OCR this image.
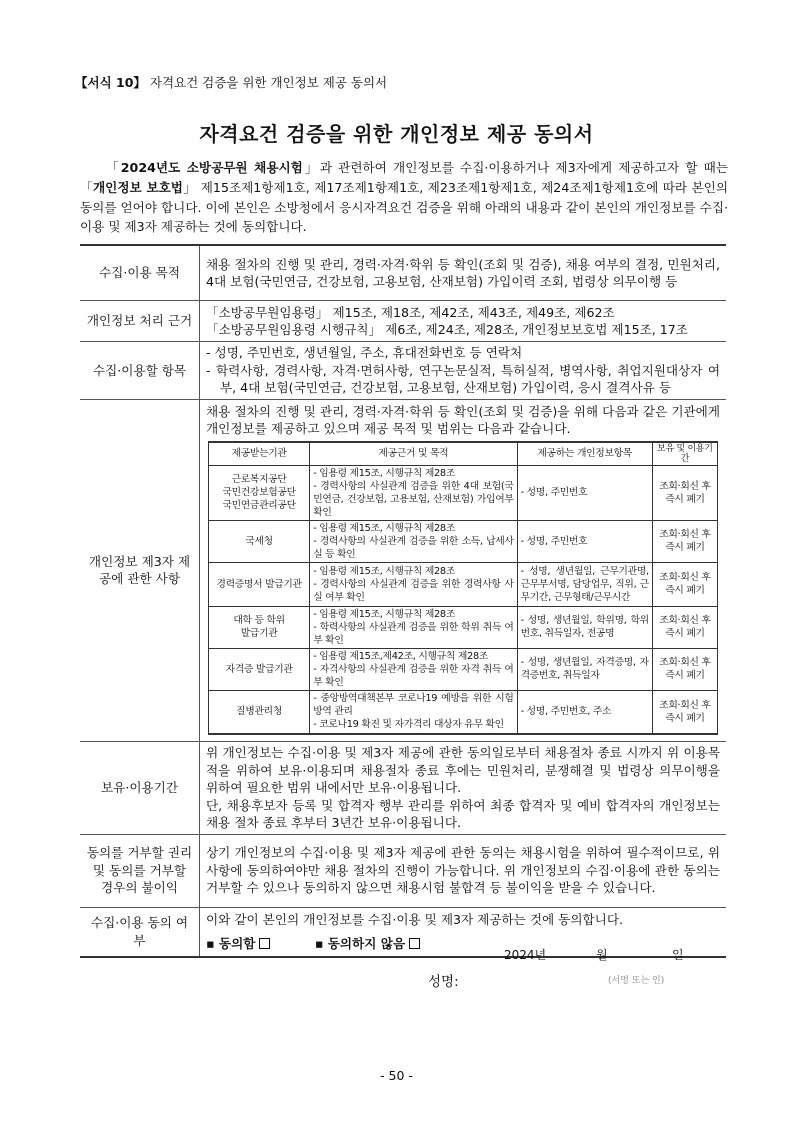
【서식 10】 자격요건 검증을 위한 개인정보 제공 동의서
자격요건 검증을 위한 개인정보 제공 동의서
「2024년도 소방공무원 채용시험」과 관련하여 개인정보를 수집·이용하거나 제3자에게 제공하고자 할 때는 「개인정보 보호법」 제15조제1항제1호, 제17조제1항제1호, 제23조제1항제1호, 제24조제1항제1호에 따라 본인의 동의를 얻어야 합니다. 이에 본인은 소방청에서 응시자격요건 검증을 위해 아래의 내용과 같이 본인의 개인정보를 수집·이용 및 제3자 제공하는 것에 동의합니다.
수집·이용 목적	채용 절차의 진행 및 관리, 경력·자격·학위 등 확인(조회 및 검증), 채용 여부의 결정, 민원처리, 4대 보험(국민연금, 건강보험, 고용보험, 산재보험) 가입이력 조회, 법령상 의무이행 등
개인정보 처리 근거	
「소방공무원임용령」 제15조, 제18조, 제42조, 제43조, 제49조, 제62조
「소방공무원임용령 시행규칙」 제6조, 제24조, 제28조, 개인정보보호법 제15조, 17조

수집·이용할 항목	
- 성명, 주민번호, 생년월일, 주소, 휴대전화번호 등 연락처
- 학력사항, 경력사항, 자격·면허사항, 연구논문실적, 특허실적, 병역사항, 취업지원대상자 여부, 4대 보험(국민연금, 건강보험, 고용보험, 산재보험) 가입이력, 응시 결격사유 등

개인정보 제3자 제공에 관한 사항	
채용 절차의 진행 및 관리, 경력·자격·학위 등 확인(조회 및 검증)을 위해 다음과 같은 기관에게 개인정보를 제공하고 있으며 제공 목적 및 범위는 다음과 같습니다.
제공받는기관	제공근거 및 목적	제공하는 개인정보항목	보유 및 이용기간
근로복지공단
국민건강보험공단
국민연금관리공단	- 임용령 제15조, 시행규칙 제28조
- 경력사항의 사실관계 검증을 위한 4대 보험(국민연금, 건강보험, 고용보험, 산재보험) 가입여부 확인	- 성명, 주민번호	조회·회신 후
즉시 폐기
국세청	- 임용령 제15조, 시행규칙 제28조
- 경력사항의 사실관계 검증을 위한 소득, 납세사실 등 확인	- 성명, 주민번호	조회·회신 후
즉시 폐기
경력증명서 발급기관	- 임용령 제15조, 시행규칙 제28조
- 경력사항의 사실관계 검증을 위한 경력사항 사실 여부 확인	- 성명, 생년월일, 근무기관명, 근무부서명, 담당업무, 직위, 근무기간, 근무형태/근무시간	조회·회신 후
즉시 폐기
대학 등 학위
발급기관	- 임용령 제15조, 시행규칙 제28조
- 학력사항의 사실관계 검증을 위한 학위 취득 여부 확인	- 성명, 생년월일, 학위명, 학위번호, 취득일자, 전공명	조회·회신 후
즉시 폐기
자격증 발급기관	- 임용령 제15조,제42조, 시행규칙 제28조
- 자격사항의 사실관계 검증을 위한 자격 취득 여부 확인	- 성명, 생년월일, 자격증명, 자격증번호, 취득일자	조회·회신 후
즉시 폐기
질병관리청	- 중앙방역대책본부 코로나19 예방을 위한 시험방역 관리
- 코로나19 확진 및 자가격리 대상자 유무 확인	- 성명, 주민번호, 주소	조회·회신 후
즉시 폐기

보유·이용기간	
위 개인정보는 수집·이용 및 제3자 제공에 관한 동의일로부터 채용절차 종료 시까지 위 이용목적을 위하여 보유·이용되며 채용절차 종료 후에는 민원처리, 분쟁해결 및 법령상 의무이행을 위하여 필요한 범위 내에서만 보유·이용됩니다.
단, 채용후보자 등록 및 합격자 행부 관리를 위하여 최종 합격자 및 예비 합격자의 개인정보는 채용 절차 종료 후부터 3년간 보유·이용됩니다.

동의를 거부할 권리 및 동의를 거부할 경우의 불이익	상기 개인정보의 수집·이용 및 제3자 제공에 관한 동의는 채용시험을 위하여 필수적이므로, 위 사항에 동의하여야만 채용 절차의 진행이 가능합니다. 위 개인정보의 수집·이용에 관한 동의는 거부할 수 있으나 동의하지 않으면 채용시험 불합격 등 불이익을 받을 수 있습니다.
수집·이용 동의 여부	
이와 같이 본인의 개인정보를 수집·이용 및 제3자 제공하는 것에 동의합니다.
▪ 동의함	▪ 동의하지 않음
2024년	월	일
성명:	(서명 또는 인)
- 50 -
